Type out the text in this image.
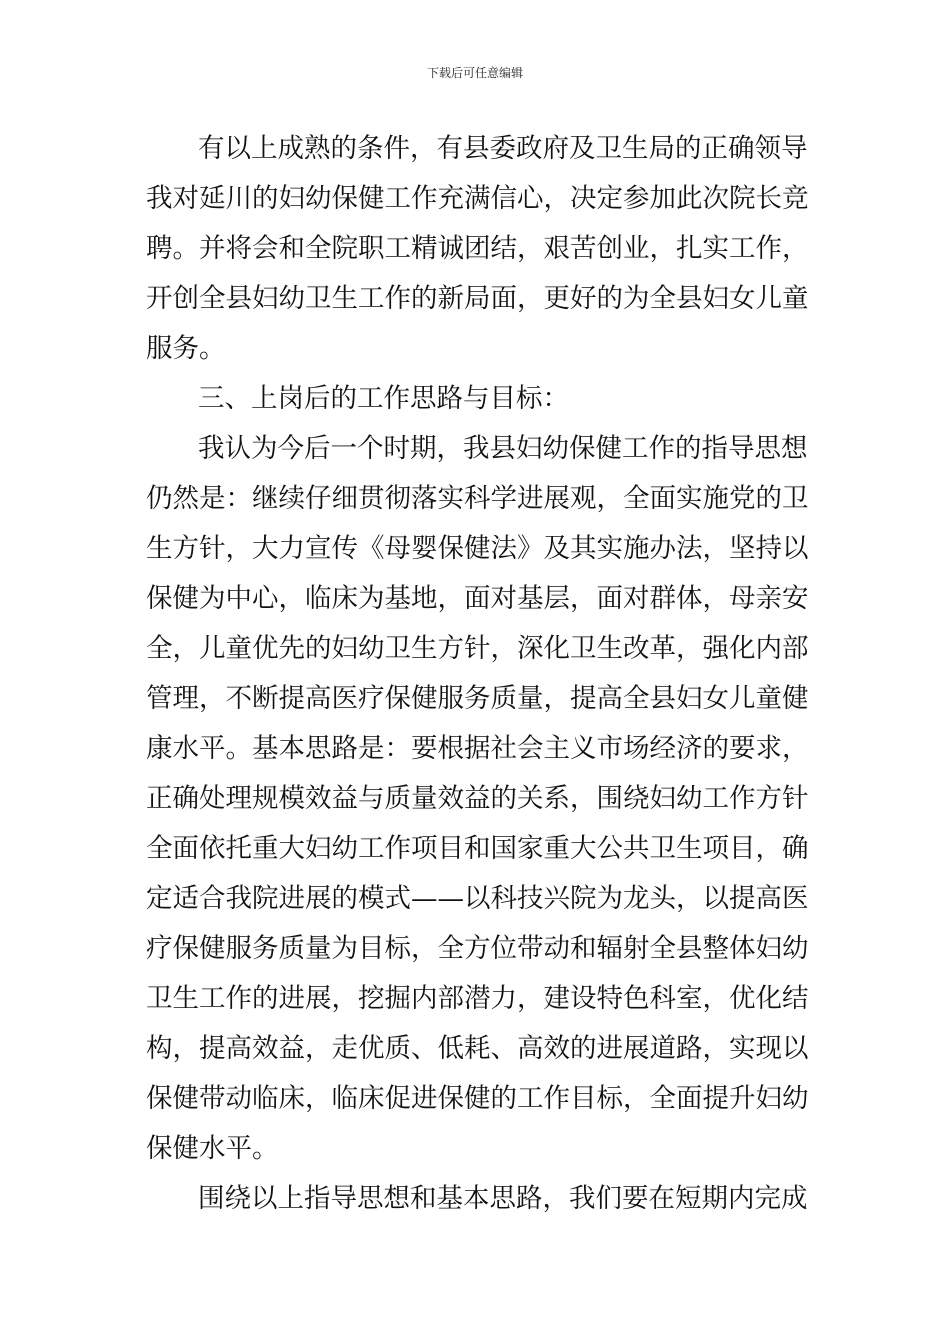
下载后可任意编辑
有以上成熟的条件，有县委政府及卫生局的正确领导
我对延川的妇幼保健工作充满信心，决定参加此次院长竞
聘。并将会和全院职工精诚团结，艰苦创业，扎实工作，
开创全县妇幼卫生工作的新局面，更好的为全县妇女儿童
服务。
三、上岗后的工作思路与目标：
我认为今后一个时期，我县妇幼保健工作的指导思想
仍然是：继续仔细贯彻落实科学进展观，全面实施党的卫
生方针，大力宣传《母婴保健法》及其实施办法，坚持以
保健为中心，临床为基地，面对基层，面对群体，母亲安
全，儿童优先的妇幼卫生方针，深化卫生改革，强化内部
管理，不断提高医疗保健服务质量，提高全县妇女儿童健
康水平。基本思路是：要根据社会主义市场经济的要求，
正确处理规模效益与质量效益的关系，围绕妇幼工作方针
全面依托重大妇幼工作项目和国家重大公共卫生项目，确
定适合我院进展的模式——以科技兴院为龙头，以提高医
疗保健服务质量为目标，全方位带动和辐射全县整体妇幼
卫生工作的进展，挖掘内部潜力，建设特色科室，优化结
构，提高效益，走优质、低耗、高效的进展道路，实现以
保健带动临床，临床促进保健的工作目标，全面提升妇幼
保健水平。
围绕以上指导思想和基本思路，我们要在短期内完成
